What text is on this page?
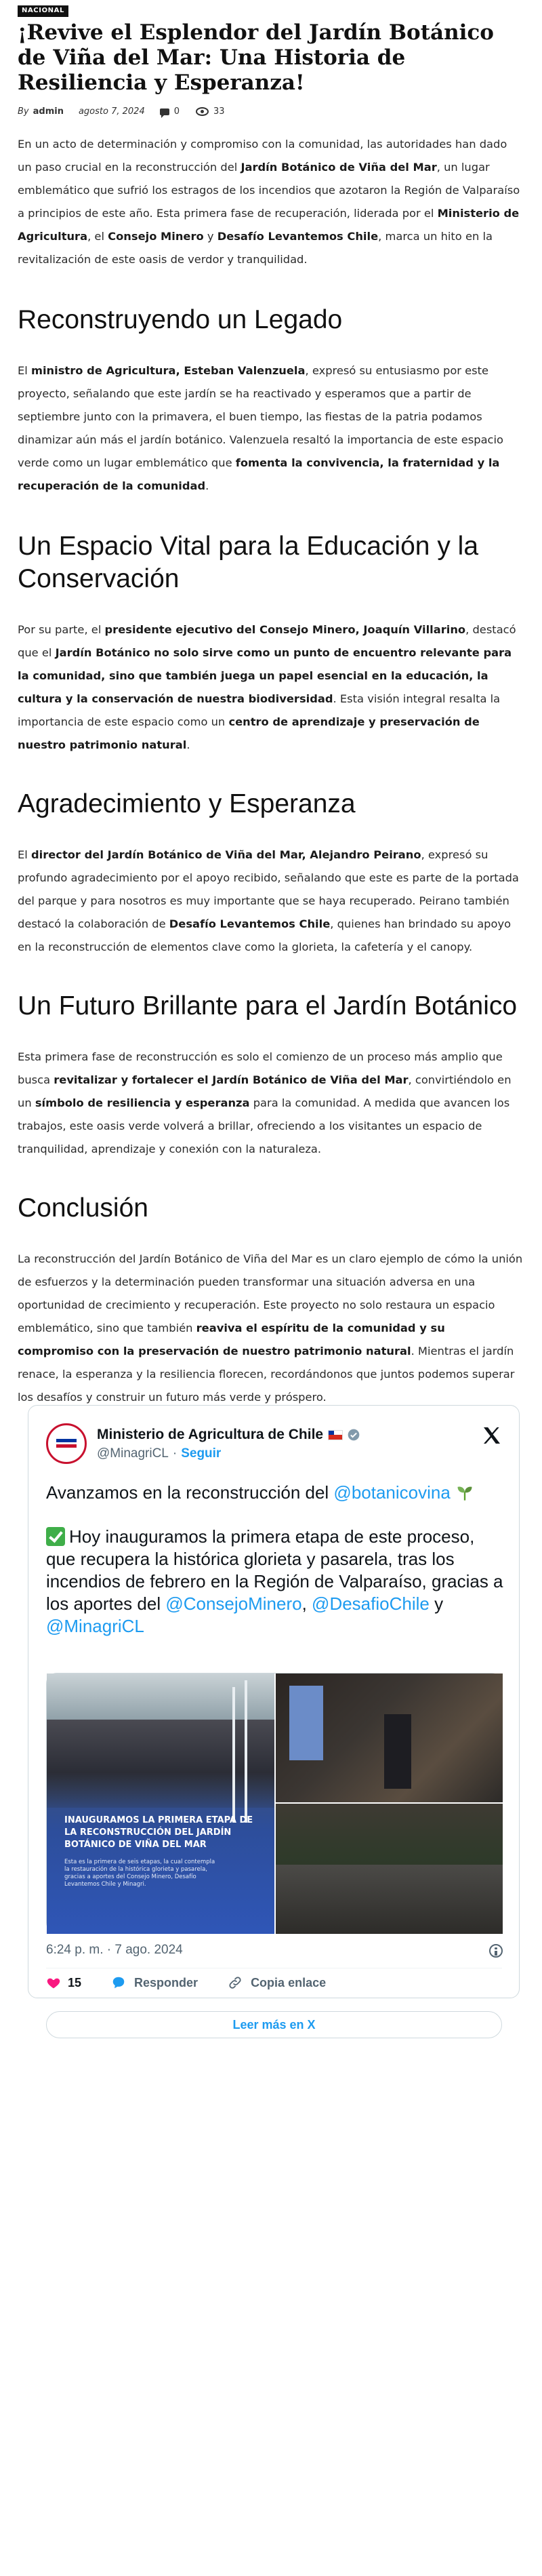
NACIONAL
¡Revive el Esplendor del Jardín Botánico de Viña del Mar: Una Historia de Resiliencia y Esperanza!
By admin agosto 7, 2024	0	33

En un acto de determinación y compromiso con la comunidad, las autoridades han dado un paso crucial en la reconstrucción del Jardín Botánico de Viña del Mar, un lugar emblemático que sufrió los estragos de los incendios que azotaron la Región de Valparaíso a principios de este año. Esta primera fase de recuperación, liderada por el Ministerio de Agricultura, el Consejo Minero y Desafío Levantemos Chile, marca un hito en la revitalización de este oasis de verdor y tranquilidad.

Reconstruyendo un Legado

El ministro de Agricultura, Esteban Valenzuela, expresó su entusiasmo por este proyecto, señalando que este jardín se ha reactivado y esperamos que a partir de septiembre junto con la primavera, el buen tiempo, las fiestas de la patria podamos dinamizar aún más el jardín botánico. Valenzuela resaltó la importancia de este espacio verde como un lugar emblemático que fomenta la convivencia, la fraternidad y la recuperación de la comunidad.

Un Espacio Vital para la Educación y la Conservación

Por su parte, el presidente ejecutivo del Consejo Minero, Joaquín Villarino, destacó que el Jardín Botánico no solo sirve como un punto de encuentro relevante para la comunidad, sino que también juega un papel esencial en la educación, la cultura y la conservación de nuestra biodiversidad. Esta visión integral resalta la importancia de este espacio como un centro de aprendizaje y preservación de nuestro patrimonio natural.

Agradecimiento y Esperanza

El director del Jardín Botánico de Viña del Mar, Alejandro Peirano, expresó su profundo agradecimiento por el apoyo recibido, señalando que este es parte de la portada del parque y para nosotros es muy importante que se haya recuperado. Peirano también destacó la colaboración de Desafío Levantemos Chile, quienes han brindado su apoyo en la reconstrucción de elementos clave como la glorieta, la cafetería y el canopy.

Un Futuro Brillante para el Jardín Botánico

Esta primera fase de reconstrucción es solo el comienzo de un proceso más amplio que busca revitalizar y fortalecer el Jardín Botánico de Viña del Mar, convirtiéndolo en un símbolo de resiliencia y esperanza para la comunidad. A medida que avancen los trabajos, este oasis verde volverá a brillar, ofreciendo a los visitantes un espacio de tranquilidad, aprendizaje y conexión con la naturaleza.

Conclusión

La reconstrucción del Jardín Botánico de Viña del Mar es un claro ejemplo de cómo la unión de esfuerzos y la determinación pueden transformar una situación adversa en una oportunidad de crecimiento y recuperación. Este proyecto no solo restaura un espacio emblemático, sino que también reaviva el espíritu de la comunidad y su compromiso con la preservación de nuestro patrimonio natural. Mientras el jardín renace, la esperanza y la resiliencia florecen, recordándonos que juntos podemos superar los desafíos y construir un futuro más verde y próspero.

Ministerio de Agricultura de Chile
@MinagriCL · Seguir
Avanzamos en la reconstrucción del @botanicovina
Hoy inauguramos la primera etapa de este proceso, que recupera la histórica glorieta y pasarela, tras los incendios de febrero en la Región de Valparaíso, gracias a los aportes del @ConsejoMinero, @DesafioChile y @MinagriCL
INAUGURAMOS LA PRIMERA ETAPA DE LA RECONSTRUCCIÓN DEL JARDÍN BOTÁNICO DE VIÑA DEL MAR
Esta es la primera de seis etapas, la cual contempla la restauración de la histórica glorieta y pasarela, gracias a aportes del Consejo Minero, Desafío Levantemos Chile y Minagri.
6:24 p. m. · 7 ago. 2024
15	Responder	Copia enlace
Leer más en X
